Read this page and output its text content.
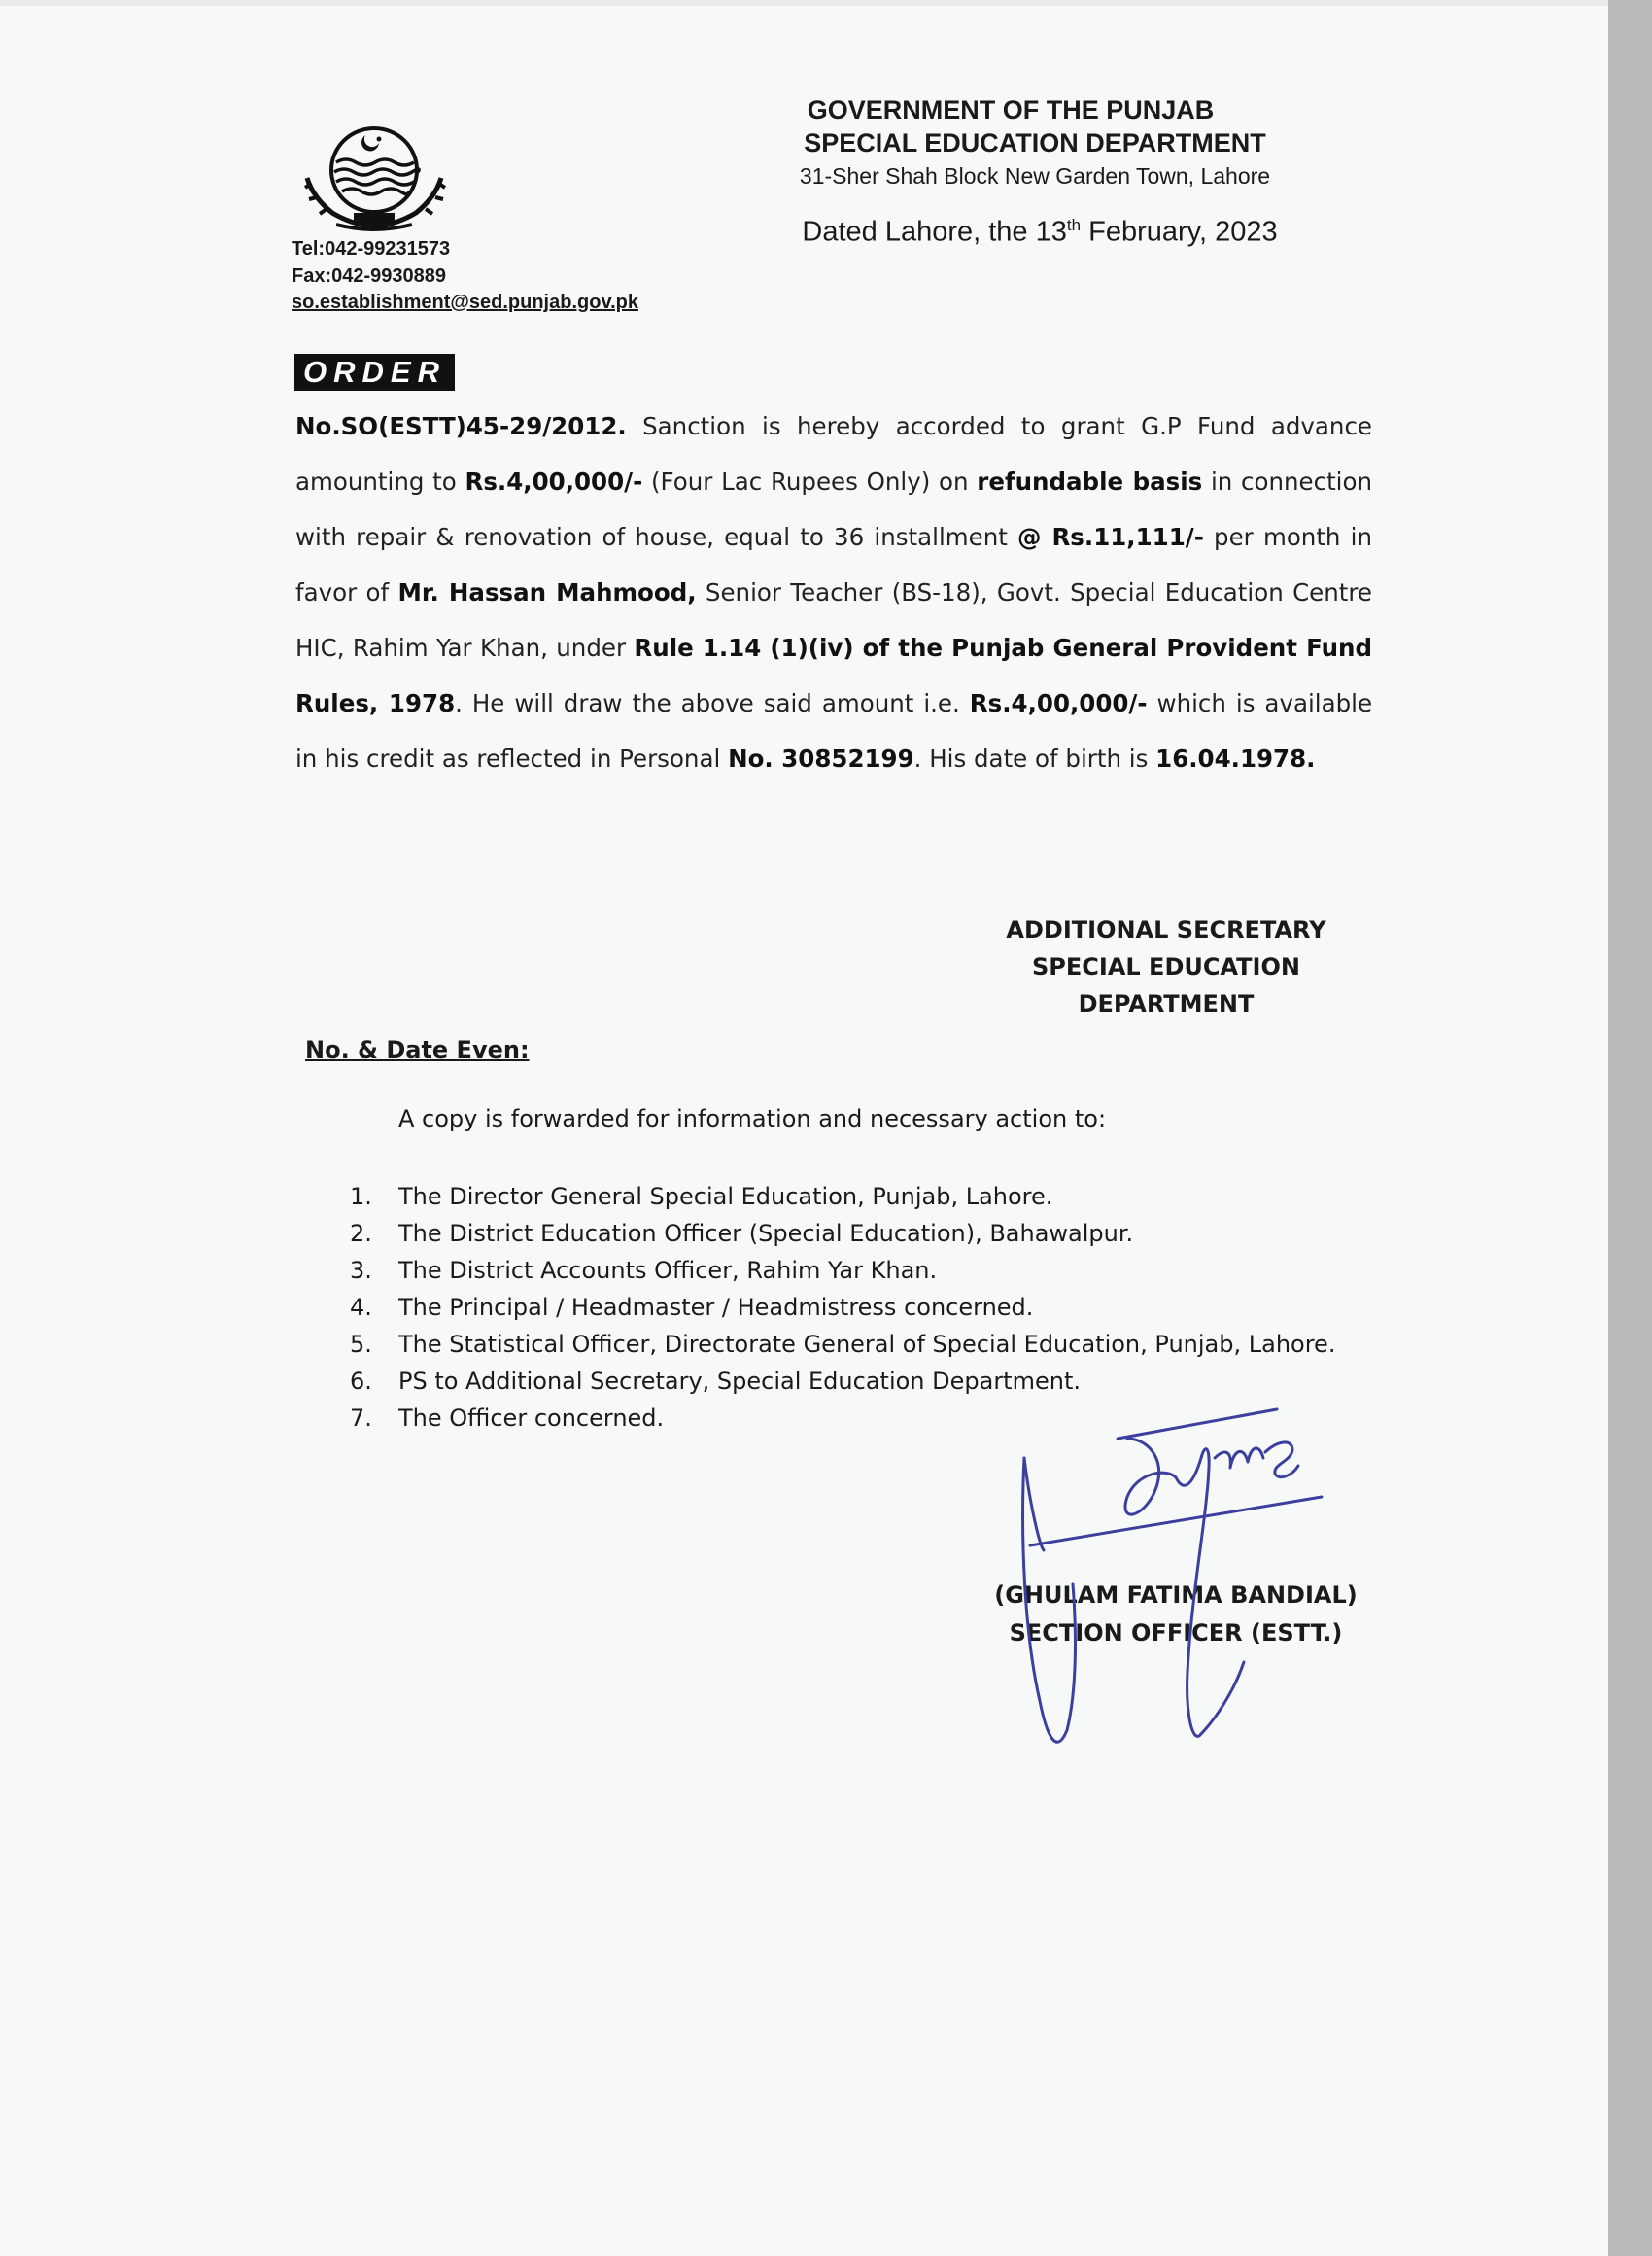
GOVERNMENT OF THE PUNJAB
SPECIAL EDUCATION DEPARTMENT
31-Sher Shah Block New Garden Town, Lahore
Dated Lahore, the 13th February, 2023
Tel:042-99231573
Fax:042-9930889
so.establishment@sed.punjab.gov.pk
ORDER
No.SO(ESTT)45-29/2012. Sanction is hereby accorded to grant G.P Fund advance amounting to Rs.4,00,000/- (Four Lac Rupees Only) on refundable basis in connection with repair & renovation of house, equal to 36 installment @ Rs.11,111/- per month in favor of Mr. Hassan Mahmood, Senior Teacher (BS-18), Govt. Special Education Centre HIC, Rahim Yar Khan, under Rule 1.14 (1)(iv) of the Punjab General Provident Fund Rules, 1978. He will draw the above said amount i.e. Rs.4,00,000/- which is available in his credit as reflected in Personal No. 30852199. His date of birth is 16.04.1978.
ADDITIONAL SECRETARY
SPECIAL EDUCATION
DEPARTMENT
No. & Date Even:
A copy is forwarded for information and necessary action to:
1.	The Director General Special Education, Punjab, Lahore.
2.	The District Education Officer (Special Education), Bahawalpur.
3.	The District Accounts Officer, Rahim Yar Khan.
4.	The Principal / Headmaster / Headmistress concerned.
5.	The Statistical Officer, Directorate General of Special Education, Punjab, Lahore.
6.	PS to Additional Secretary, Special Education Department.
7.	The Officer concerned.
(GHULAM FATIMA BANDIAL)
SECTION OFFICER (ESTT.)
